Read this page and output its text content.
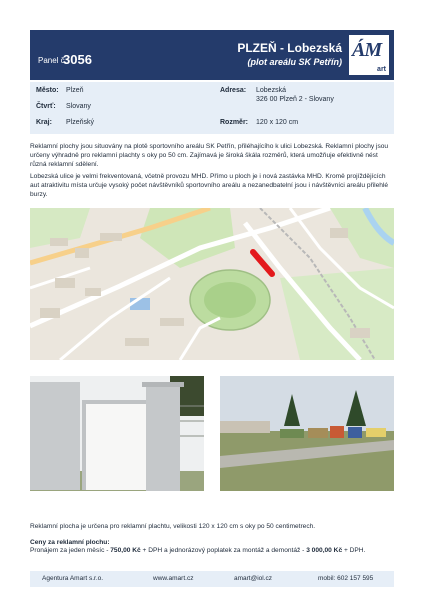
Panel č.:
3056
PLZEŇ - Lobezská
(plot areálu SK Petřín)
ÁM
art
Město: Plzeň
Čtvrť: Slovany
Kraj: Plzeňský
Adresa: Lobezská
326 00 Plzeň 2 - Slovany
Rozměr: 120 x 120 cm

Reklamní plochy jsou situovány na plotě sportovního areálu SK Petřín, přiléhajícího k ulici Lobezská. Reklamní plochy jsou určeny výhradně pro reklamní plachty s oky po 50 cm. Zajímavá je široká škála rozměrů, která umožňuje efektivně nést různá reklamní sdělení.

Lobezská ulice je velmi frekventovaná, včetně provozu MHD. Přímo u ploch je i nová zastávka MHD. Kromě projíždějících aut atraktivitu místa určuje vysoký počet návštěvníků sportovního areálu a nezanedbatelní jsou i návštěvníci areálu přilehlé burzy.

Reklamní plocha je určena pro reklamní plachtu, velikosti 120 x 120 cm s oky po 50 centimetrech.

Ceny za reklamní plochu:

Pronájem za jeden měsíc - 750,00 Kč + DPH a jednorázový poplatek za montáž a demontáž - 3 000,00 Kč + DPH.

Agentura Amart s.r.o.	www.amart.cz	amart@iol.cz	mobil: 602 157 595
